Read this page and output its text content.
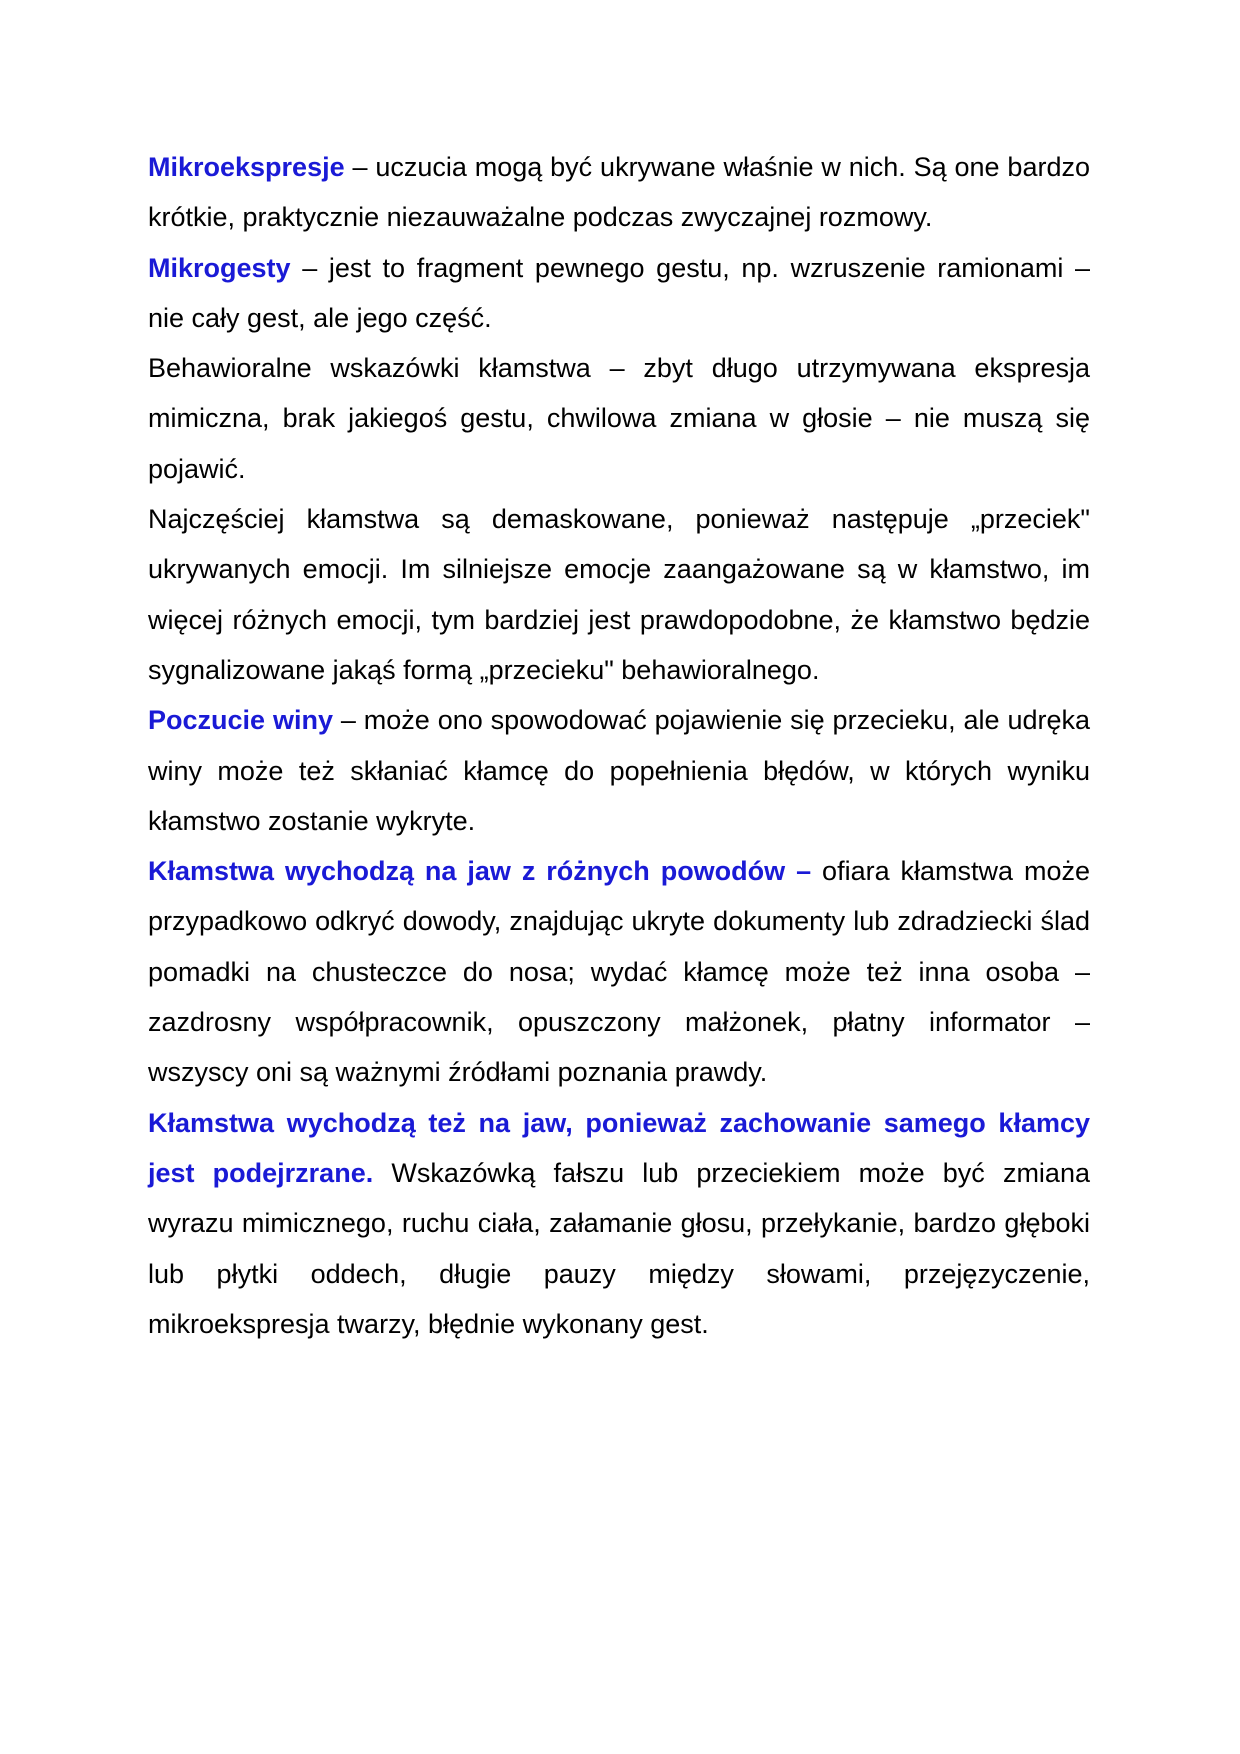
Mikroekspresje – uczucia mogą być ukrywane właśnie w nich. Są one bardzo krótkie, praktycznie niezauważalne podczas zwyczajnej rozmowy.

Mikrogesty – jest to fragment pewnego gestu, np. wzruszenie ramionami – nie cały gest, ale jego część.

Behawioralne wskazówki kłamstwa – zbyt długo utrzymywana ekspresja mimiczna, brak jakiegoś gestu, chwilowa zmiana w głosie – nie muszą się pojawić.

Najczęściej kłamstwa są demaskowane, ponieważ następuje „przeciek" ukrywanych emocji. Im silniejsze emocje zaangażowane są w kłamstwo, im więcej różnych emocji, tym bardziej jest prawdopodobne, że kłamstwo będzie sygnalizowane jakąś formą „przecieku" behawioralnego.

Poczucie winy – może ono spowodować pojawienie się przecieku, ale udręka winy może też skłaniać kłamcę do popełnienia błędów, w których wyniku kłamstwo zostanie wykryte.

Kłamstwa wychodzą na jaw z różnych powodów – ofiara kłamstwa może przypadkowo odkryć dowody, znajdując ukryte dokumenty lub zdradziecki ślad pomadki na chusteczce do nosa; wydać kłamcę może też inna osoba – zazdrosny współpracownik, opuszczony małżonek, płatny informator – wszyscy oni są ważnymi źródłami poznania prawdy.

Kłamstwa wychodzą też na jaw, ponieważ zachowanie samego kłamcy jest podejrzrane. Wskazówką fałszu lub przeciekiem może być zmiana wyrazu mimicznego, ruchu ciała, załamanie głosu, przełykanie, bardzo głęboki lub płytki oddech, długie pauzy między słowami, przejęzyczenie, mikroekspresja twarzy, błędnie wykonany gest.
